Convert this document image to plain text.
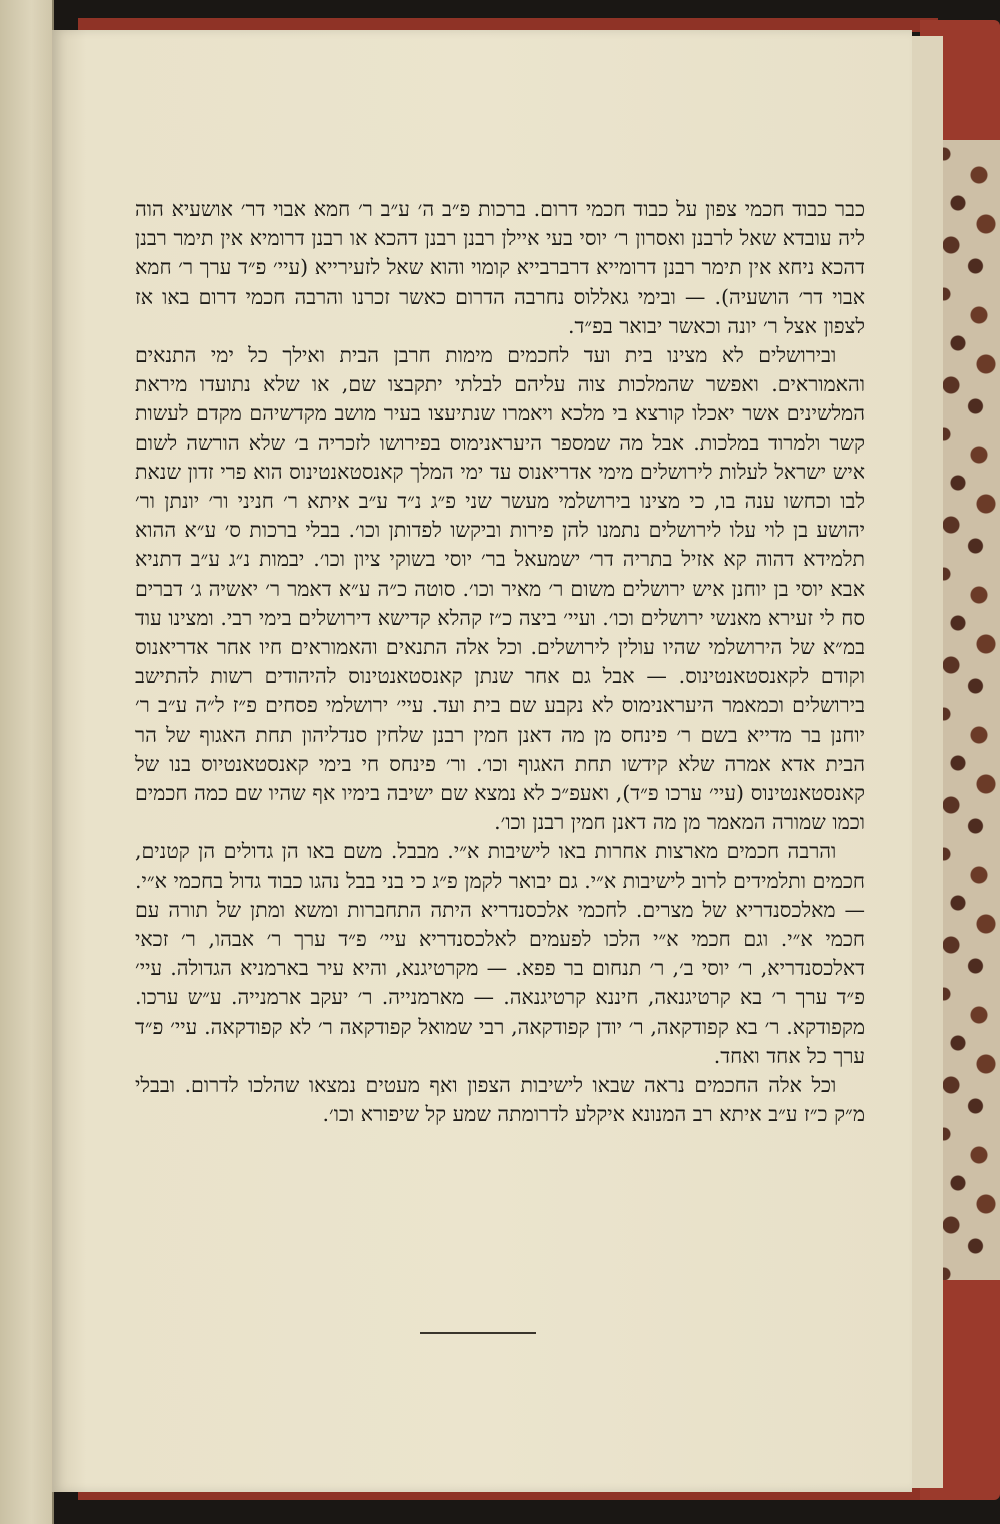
כבר כבוד חכמי צפון על כבוד חכמי דרום. ברכות פ״ב ה׳ ע״ב ר׳ חמא אבוי דר׳ אושעיא הוה ליה עובדא שאל לרבנן ואסרון ר׳ יוסי בעי איילן רבנן רבנן דהכא או רבנן דרומיא אין תימר רבנן דהכא ניחא אין תימר רבנן דרומייא דרברבייא קומוי והוא שאל לזעירייא (עיי׳ פ״ד ערך ר׳ חמא אבוי דר׳ הושעיה). — ובימי גאללוס נחרבה הדרום כאשר זכרנו והרבה חכמי דרום באו אז לצפון אצל ר׳ יונה וכאשר יבואר בפ״ד.

ובירושלים לא מצינו בית ועד לחכמים מימות חרבן הבית ואילך כל ימי התנאים והאמוראים. ואפשר שהמלכות צוה עליהם לבלתי יתקבצו שם, או שלא נתועדו מיראת המלשינים אשר יאכלו קורצא בי מלכא ויאמרו שנתיעצו בעיר מושב מקדשיהם מקדם לעשות קשר ולמרוד במלכות. אבל מה שמספר היעראנימוס בפירושו לזכריה ב׳ שלא הורשה לשום איש ישראל לעלות לירושלים מימי אדריאנוס עד ימי המלך קאנסטאנטינוס הוא פרי זדון שנאת לבו וכחשו ענה בו, כי מצינו בירושלמי מעשר שני פ״ג נ״ד ע״ב איתא ר׳ חניני ור׳ יונתן ור׳ יהושע בן לוי עלו לירושלים נתמנו להן פירות וביקשו לפדותן וכו׳. בבלי ברכות ס׳ ע״א ההוא תלמידא דהוה קא אזיל בתריה דר׳ ישמעאל בר׳ יוסי בשוקי ציון וכו׳. יבמות נ״ג ע״ב דתניא אבא יוסי בן יוחנן איש ירושלים משום ר׳ מאיר וכו׳. סוטה כ״ה ע״א דאמר ר׳ יאשיה ג׳ דברים סח לי זעירא מאנשי ירושלים וכו׳. ועיי׳ ביצה כ״ז קהלא קדישא דירושלים בימי רבי. ומצינו עוד במ״א של הירושלמי שהיו עולין לירושלים. וכל אלה התנאים והאמוראים חיו אחר אדריאנוס וקודם לקאנסטאנטינוס. — אבל גם אחר שנתן קאנסטאנטינוס להיהודים רשות להתישב בירושלים וכמאמר היעראנימוס לא נקבע שם בית ועד. עיי׳ ירושלמי פסחים פ״ז ל״ה ע״ב ר׳ יוחנן בר מדייא בשם ר׳ פינחס מן מה דאנן חמין רבנן שלחין סנדליהון תחת האגוף של הר הבית אדא אמרה שלא קידשו תחת האגוף וכו׳. ור׳ פינחס חי בימי קאנסטאנטיוס בנו של קאנסטאנטינוס (עיי׳ ערכו פ״ד), ואעפ״כ לא נמצא שם ישיבה בימיו אף שהיו שם כמה חכמים וכמו שמורה המאמר מן מה דאנן חמין רבנן וכו׳.

והרבה חכמים מארצות אחרות באו לישיבות א״י. מבבל. משם באו הן גדולים הן קטנים, חכמים ותלמידים לרוב לישיבות א״י. גם יבואר לקמן פ״ג כי בני בבל נהגו כבוד גדול בחכמי א״י. — מאלכסנדריא של מצרים. לחכמי אלכסנדריא היתה התחברות ומשא ומתן של תורה עם חכמי א״י. וגם חכמי א״י הלכו לפעמים לאלכסנדריא עיי׳ פ״ד ערך ר׳ אבהו, ר׳ זכאי דאלכסנדריא, ר׳ יוסי ב׳, ר׳ תנחום בר פפא. — מקרטיגנא, והיא עיר בארמניא הגדולה. עיי׳ פ״ד ערך ר׳ בא קרטיגנאה, חיננא קרטיגנאה. — מארמנייה. ר׳ יעקב ארמנייה. ע״ש ערכו. מקפודקא. ר׳ בא קפודקאה, ר׳ יודן קפודקאה, רבי שמואל קפודקאה ר׳ לא קפודקאה. עיי׳ פ״ד ערך כל אחד ואחד.

וכל אלה החכמים נראה שבאו לישיבות הצפון ואף מעטים נמצאו שהלכו לדרום. ובבלי מ״ק כ״ז ע״ב איתא רב המנונא איקלע לדרומתה שמע קל שיפורא וכו׳.
